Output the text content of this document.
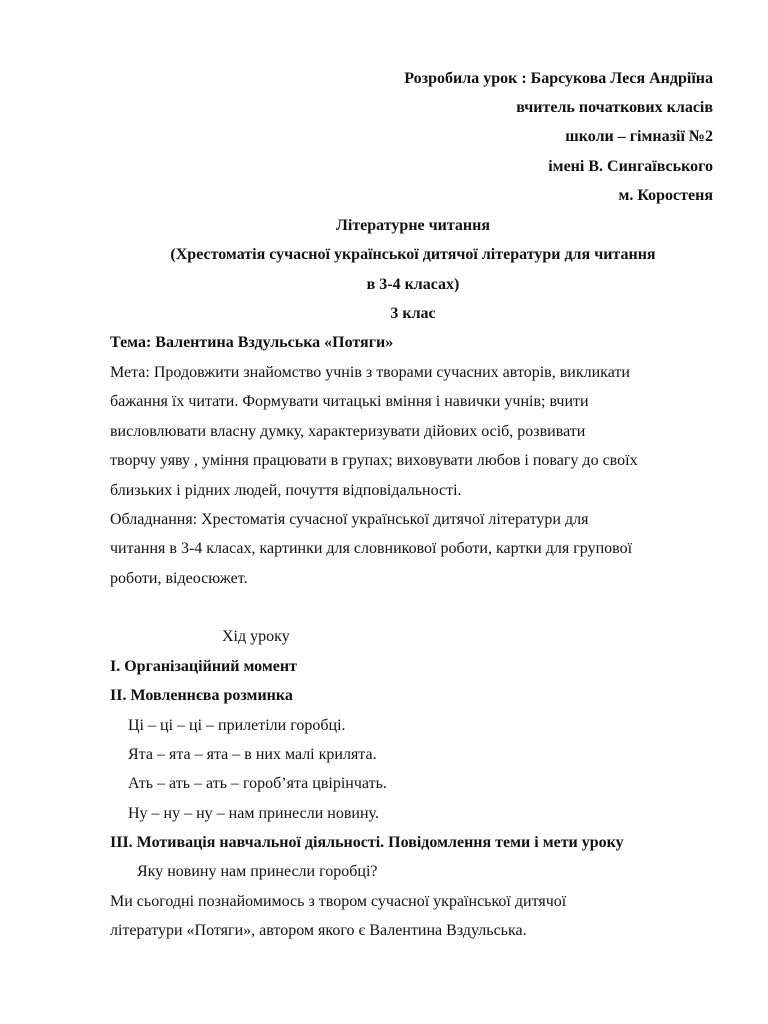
Розробила урок : Барсукова Леся Андріїна
вчитель початкових класів
школи – гімназії №2
імені В. Сингаївського
м. Коростеня
Літературне читання
(Хрестоматія сучасної української дитячої літератури для читання
в 3-4 класах)
3 клас
Тема: Валентина Вздульська «Потяги»
Мета: Продовжити знайомство учнів з творами сучасних авторів, викликати
бажання їх читати. Формувати читацькі вміння і навички учнів; вчити
висловлювати власну думку, характеризувати дійових осіб, розвивати
творчу уяву , уміння працювати в групах; виховувати любов і повагу до своїх
близьких і рідних людей, почуття відповідальності.
Обладнання: Хрестоматія сучасної української дитячої літератури для
читання в 3-4 класах, картинки для словникової роботи, картки для групової
роботи, відеосюжет.
Хід уроку
І. Організаційний момент
ІІ. Мовленнєва розминка
Ці – ці – ці – прилетіли горобці.
Ята – ята – ята – в них малі крилята.
Ать – ать – ать – гороб’ята цвірінчать.
Ну – ну – ну – нам принесли новину.
ІІІ. Мотивація навчальної діяльності. Повідомлення теми і мети уроку
Яку новину нам принесли горобці?
Ми сьогодні познайомимось з твором сучасної української дитячої
літератури «Потяги», автором якого є Валентина Вздульська.
